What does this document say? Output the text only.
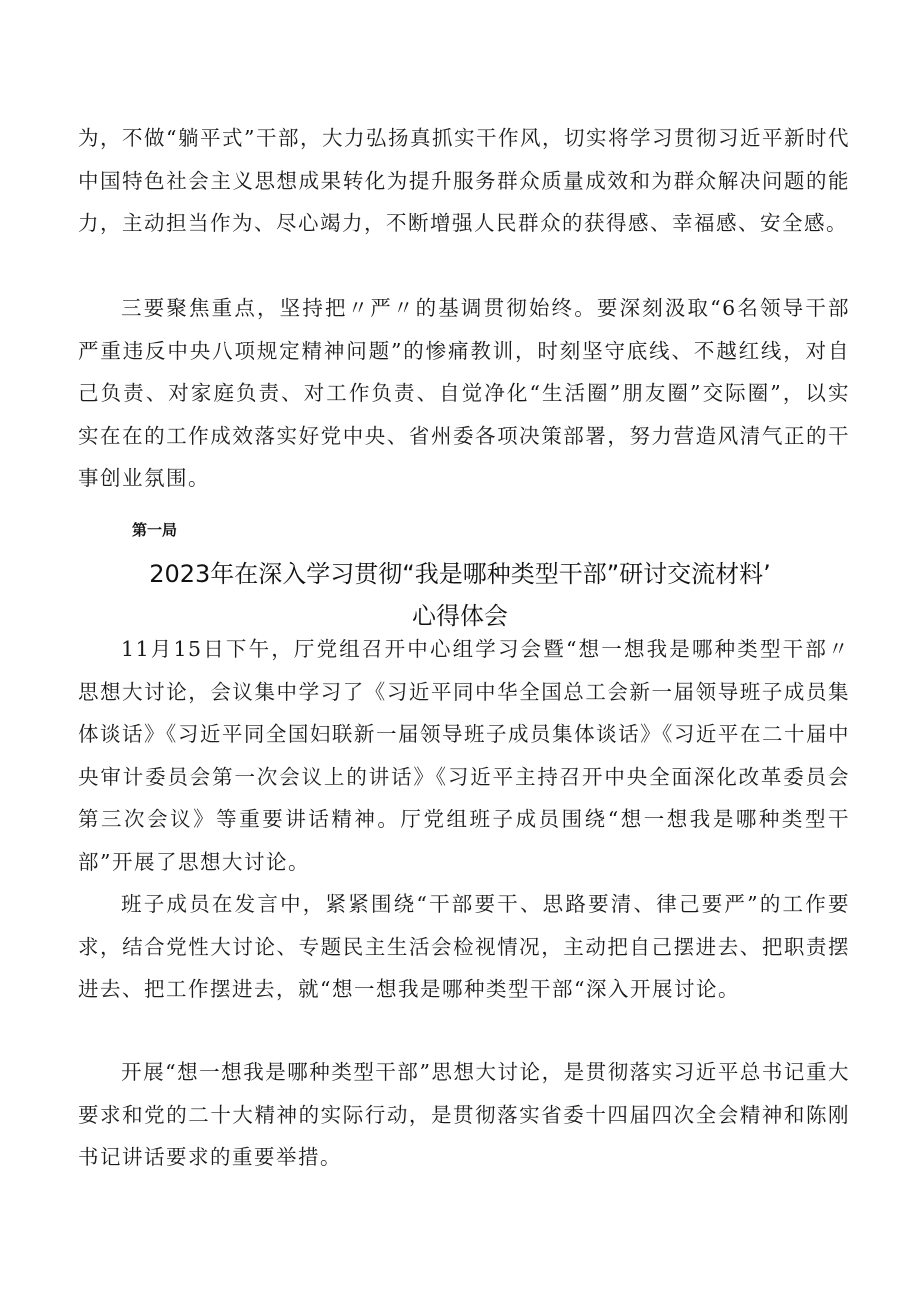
为，不做“躺平式”干部，大力弘扬真抓实干作风，切实将学习贯彻习近平新时代中国特色社会主义思想成果转化为提升服务群众质量成效和为群众解决问题的能力，主动担当作为、尽心竭力，不断增强人民群众的获得感、幸福感、安全感。

三要聚焦重点，坚持把〃严〃的基调贯彻始终。要深刻汲取“6名领导干部严重违反中央八项规定精神问题”的惨痛教训，时刻坚守底线、不越红线，对自己负责、对家庭负责、对工作负责、自觉净化“生活圈”朋友圈”交际圈”，以实实在在的工作成效落实好党中央、省州委各项决策部署，努力营造风清气正的干事创业氛围。

第一局

2023年在深入学习贯彻“我是哪种类型干部”研讨交流材料’
心得体会

11月15日下午，厅党组召开中心组学习会暨“想一想我是哪种类型干部〃思想大讨论，会议集中学习了《习近平同中华全国总工会新一届领导班子成员集体谈话》《习近平同全国妇联新一届领导班子成员集体谈话》《习近平在二十届中央审计委员会第一次会议上的讲话》《习近平主持召开中央全面深化改革委员会第三次会议》等重要讲话精神。厅党组班子成员围绕“想一想我是哪种类型干部”开展了思想大讨论。

班子成员在发言中，紧紧围绕“干部要干、思路要清、律己要严”的工作要求，结合党性大讨论、专题民主生活会检视情况，主动把自己摆进去、把职责摆进去、把工作摆进去，就“想一想我是哪种类型干部“深入开展讨论。

开展“想一想我是哪种类型干部”思想大讨论，是贯彻落实习近平总书记重大要求和党的二十大精神的实际行动，是贯彻落实省委十四届四次全会精神和陈刚书记讲话要求的重要举措。
